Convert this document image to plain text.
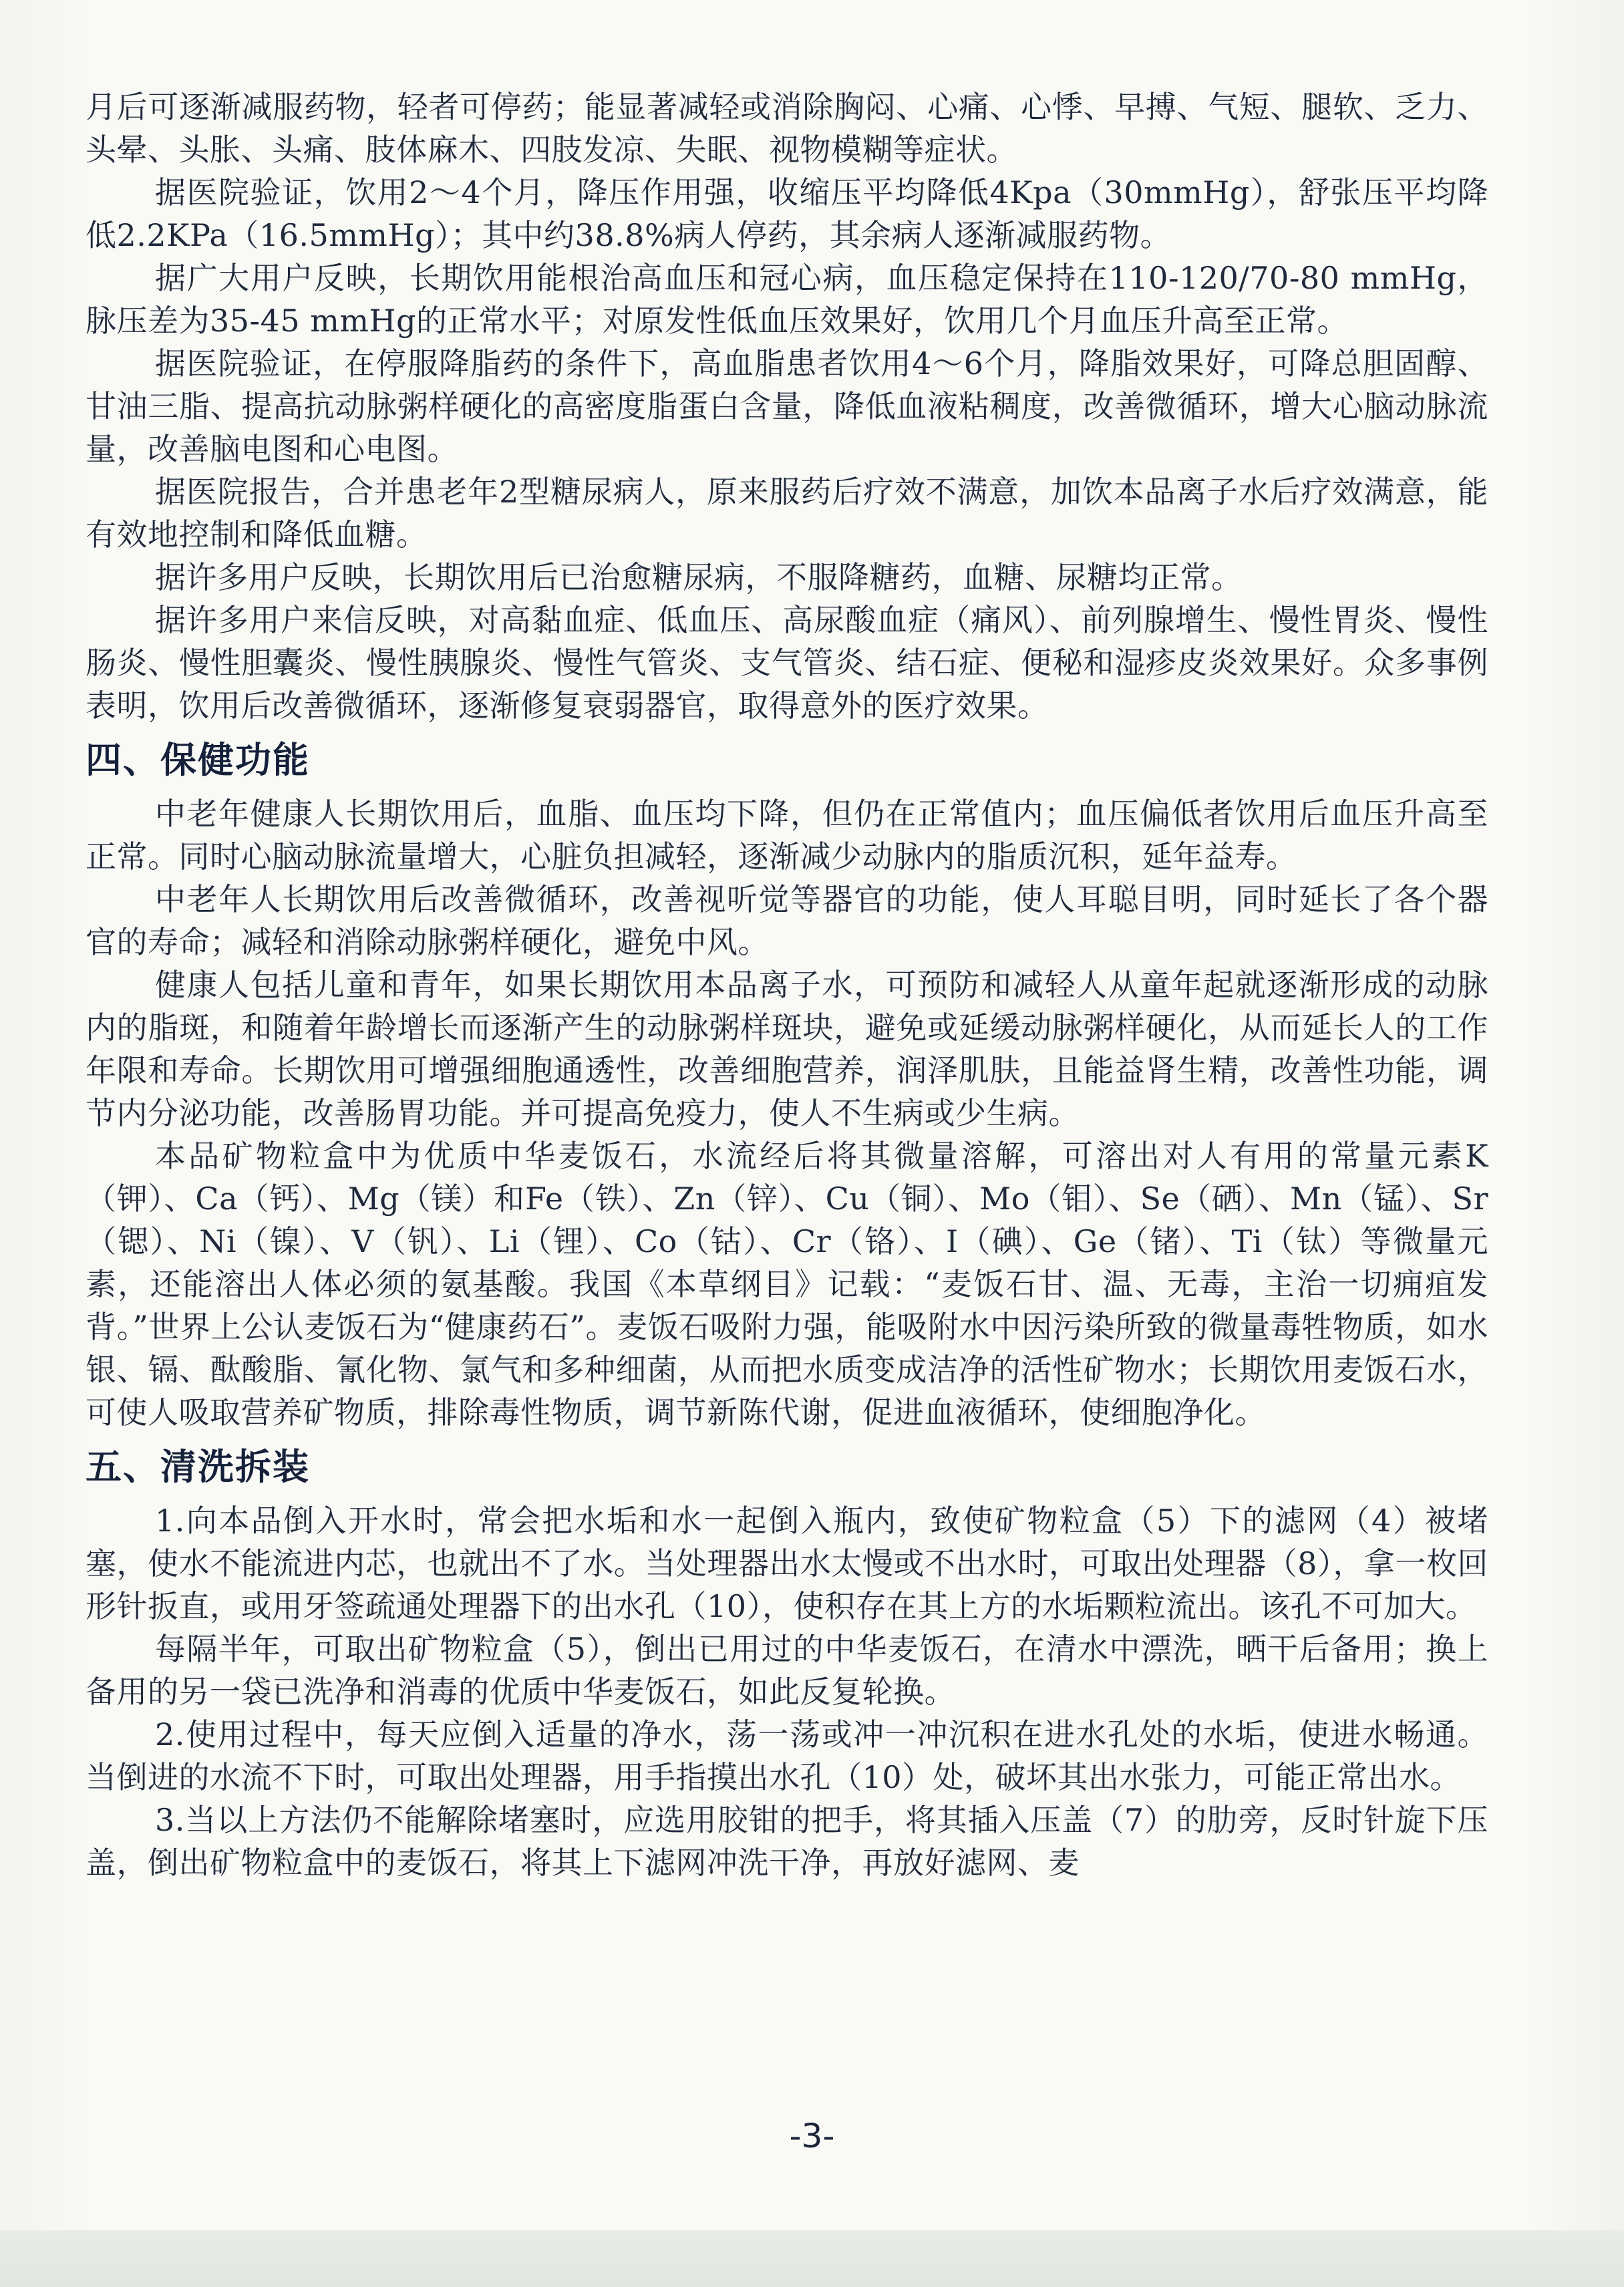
月后可逐渐减服药物，轻者可停药；能显著减轻或消除胸闷、心痛、心悸、早搏、气短、腿软、乏力、头晕、头胀、头痛、肢体麻木、四肢发凉、失眠、视物模糊等症状。

据医院验证，饮用2～4个月，降压作用强，收缩压平均降低4Kpa（30mmHg），舒张压平均降低2.2KPa（16.5mmHg）；其中约38.8%病人停药，其余病人逐渐减服药物。

据广大用户反映，长期饮用能根治高血压和冠心病，血压稳定保持在110-120/70-80 mmHg，脉压差为35-45 mmHg的正常水平；对原发性低血压效果好，饮用几个月血压升高至正常。

据医院验证，在停服降脂药的条件下，高血脂患者饮用4～6个月，降脂效果好，可降总胆固醇、甘油三脂、提高抗动脉粥样硬化的高密度脂蛋白含量，降低血液粘稠度，改善微循环，增大心脑动脉流量，改善脑电图和心电图。

据医院报告，合并患老年2型糖尿病人，原来服药后疗效不满意，加饮本品离子水后疗效满意，能有效地控制和降低血糖。

据许多用户反映，长期饮用后已治愈糖尿病，不服降糖药，血糖、尿糖均正常。

据许多用户来信反映，对高黏血症、低血压、高尿酸血症（痛风）、前列腺增生、慢性胃炎、慢性肠炎、慢性胆囊炎、慢性胰腺炎、慢性气管炎、支气管炎、结石症、便秘和湿疹皮炎效果好。众多事例表明，饮用后改善微循环，逐渐修复衰弱器官，取得意外的医疗效果。

四、保健功能

中老年健康人长期饮用后，血脂、血压均下降，但仍在正常值内；血压偏低者饮用后血压升高至正常。同时心脑动脉流量增大，心脏负担减轻，逐渐减少动脉内的脂质沉积，延年益寿。

中老年人长期饮用后改善微循环，改善视听觉等器官的功能，使人耳聪目明，同时延长了各个器官的寿命；减轻和消除动脉粥样硬化，避免中风。

健康人包括儿童和青年，如果长期饮用本品离子水，可预防和减轻人从童年起就逐渐形成的动脉内的脂斑，和随着年龄增长而逐渐产生的动脉粥样斑块，避免或延缓动脉粥样硬化，从而延长人的工作年限和寿命。长期饮用可增强细胞通透性，改善细胞营养，润泽肌肤，且能益肾生精，改善性功能，调节内分泌功能，改善肠胃功能。并可提高免疫力，使人不生病或少生病。

本品矿物粒盒中为优质中华麦饭石，水流经后将其微量溶解，可溶出对人有用的常量元素K（钾）、Ca（钙）、Mg（镁）和Fe（铁）、Zn（锌）、Cu（铜）、Mo（钼）、Se（硒）、Mn（锰）、Sr（锶）、Ni（镍）、V（钒）、Li（锂）、Co（钴）、Cr（铬）、I（碘）、Ge（锗）、Ti（钛）等微量元素，还能溶出人体必须的氨基酸。我国《本草纲目》记载：“麦饭石甘、温、无毒，主治一切痈疽发背。”世界上公认麦饭石为“健康药石”。麦饭石吸附力强，能吸附水中因污染所致的微量毒牲物质，如水银、镉、酞酸脂、氰化物、氯气和多种细菌，从而把水质变成洁净的活性矿物水；长期饮用麦饭石水，可使人吸取营养矿物质，排除毒性物质，调节新陈代谢，促进血液循环，使细胞净化。

五、清洗拆装

1.向本品倒入开水时，常会把水垢和水一起倒入瓶内，致使矿物粒盒（5）下的滤网（4）被堵塞，使水不能流进内芯，也就出不了水。当处理器出水太慢或不出水时，可取出处理器（8），拿一枚回形针扳直，或用牙签疏通处理器下的出水孔（10），使积存在其上方的水垢颗粒流出。该孔不可加大。

每隔半年，可取出矿物粒盒（5），倒出已用过的中华麦饭石，在清水中漂洗，晒干后备用；换上备用的另一袋已洗净和消毒的优质中华麦饭石，如此反复轮换。

2.使用过程中，每天应倒入适量的净水，荡一荡或冲一冲沉积在进水孔处的水垢，使进水畅通。当倒进的水流不下时，可取出处理器，用手指摸出水孔（10）处，破坏其出水张力，可能正常出水。

3.当以上方法仍不能解除堵塞时，应选用胶钳的把手，将其插入压盖（7）的肋旁，反时针旋下压盖，倒出矿物粒盒中的麦饭石，将其上下滤网冲洗干净，再放好滤网、麦

-3-
